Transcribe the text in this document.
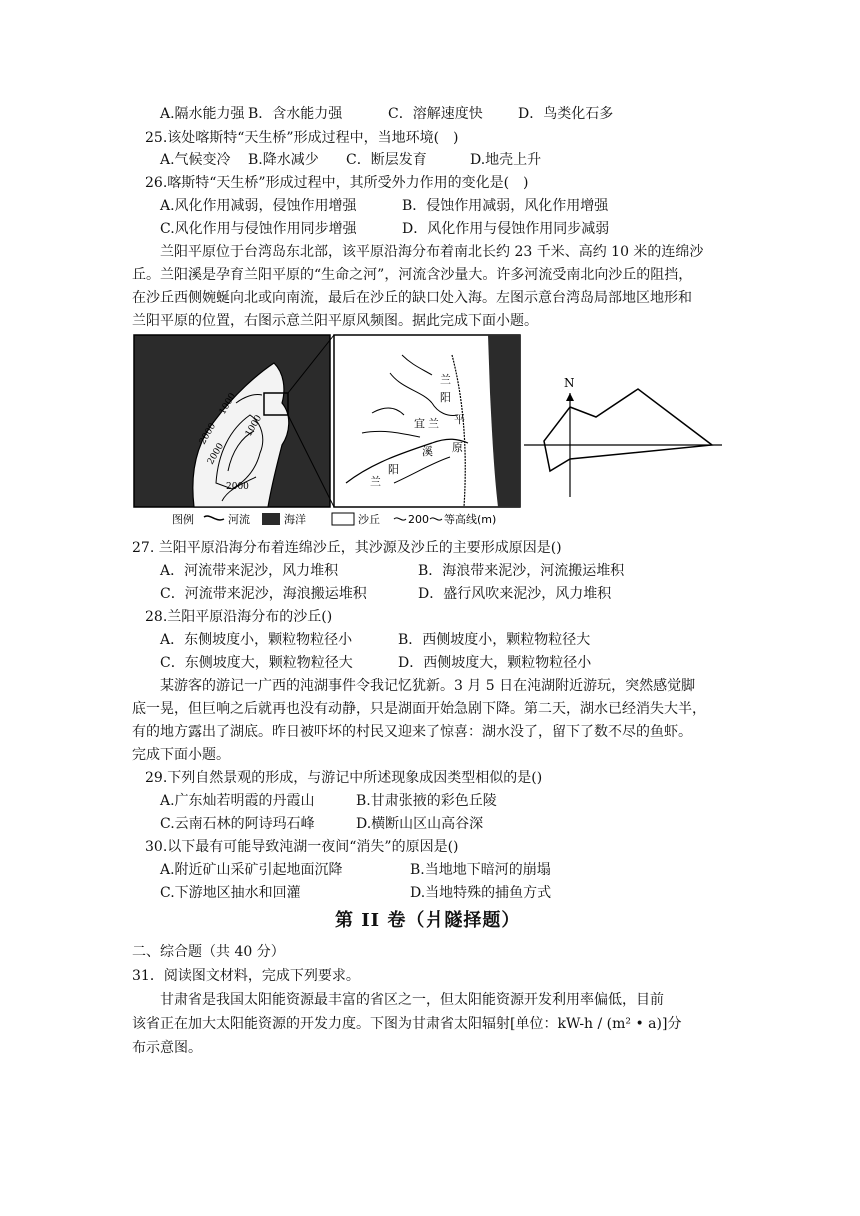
A.隔水能力强 B．含水能力强	C．溶解速度快	D．鸟类化石多
25.该处喀斯特“天生桥”形成过程中，当地环境(　)
A.气候变冷 B.降水减少 C．断层发育	D.地壳上升
26.喀斯特“天生桥”形成过程中，其所受外力作用的变化是(　)
A.风化作用减弱，侵蚀作用增强	B．侵蚀作用减弱，风化作用增强
C.风化作用与侵蚀作用同步增强	D．风化作用与侵蚀作用同步减弱
兰阳平原位于台湾岛东北部，该平原沿海分布着南北长约 23 千米、高约 10 米的连绵沙
丘。兰阳溪是孕育兰阳平原的“生命之河”，河流含沙量大。许多河流受南北向沙丘的阻挡，
在沙丘西侧婉蜒向北或向南流，最后在沙丘的缺口处入海。左图示意台湾岛局部地区地形和
兰阳平原的位置，右图示意兰阳平原风频图。据此完成下面小题。
1000
2000	1000
2000
2000
兰
阳
平
宜 兰
原
溪
阳
兰
N
图例	河流	海洋	沙丘	200 等高线(m)
27. 兰阳平原沿海分布着连绵沙丘，其沙源及沙丘的主要形成原因是()
A．河流带来泥沙，风力堆积	B．海浪带来泥沙，河流搬运堆积
C．河流带来泥沙，海浪搬运堆积	D．盛行风吹来泥沙，风力堆积
28.兰阳平原沿海分布的沙丘()
A．东侧坡度小，颗粒物粒径小	B．西侧坡度小，颗粒物粒径大
C．东侧坡度大，颗粒物粒径大	D．西侧坡度大，颗粒物粒径小
某游客的游记一广西的沌湖事件令我记忆犹新。3 月 5 日在沌湖附近游玩，突然感觉脚
底一晃，但巨响之后就再也没有动静，只是湖面开始急剧下降。第二天，湖水已经消失大半，
有的地方露出了湖底。昨日被吓坏的村民又迎来了惊喜：湖水没了，留下了数不尽的鱼虾。
完成下面小题。
29.下列自然景观的形成，与游记中所述现象成因类型相似的是()
A.广东灿若明霞的丹霞山	B.甘肃张掖的彩色丘陵
C.云南石林的阿诗玛石峰	D.横断山区山高谷深
30.以下最有可能导致沌湖一夜间“消失”的原因是()
A.附近矿山采矿引起地面沉降	B.当地地下暗河的崩塌
C.下游地区抽水和回灌	D.当地特殊的捕鱼方式
第 II 卷（爿隧择题）
二、综合题（共 40 分）
31．阅读图文材料，完成下列要求。
甘肃省是我国太阳能资源最丰富的省区之一，但太阳能资源开发利用率偏低，目前
该省正在加大太阳能资源的开发力度。下图为甘肃省太阳辐射[单位：kW-h / (m² • a)]分
布示意图。
